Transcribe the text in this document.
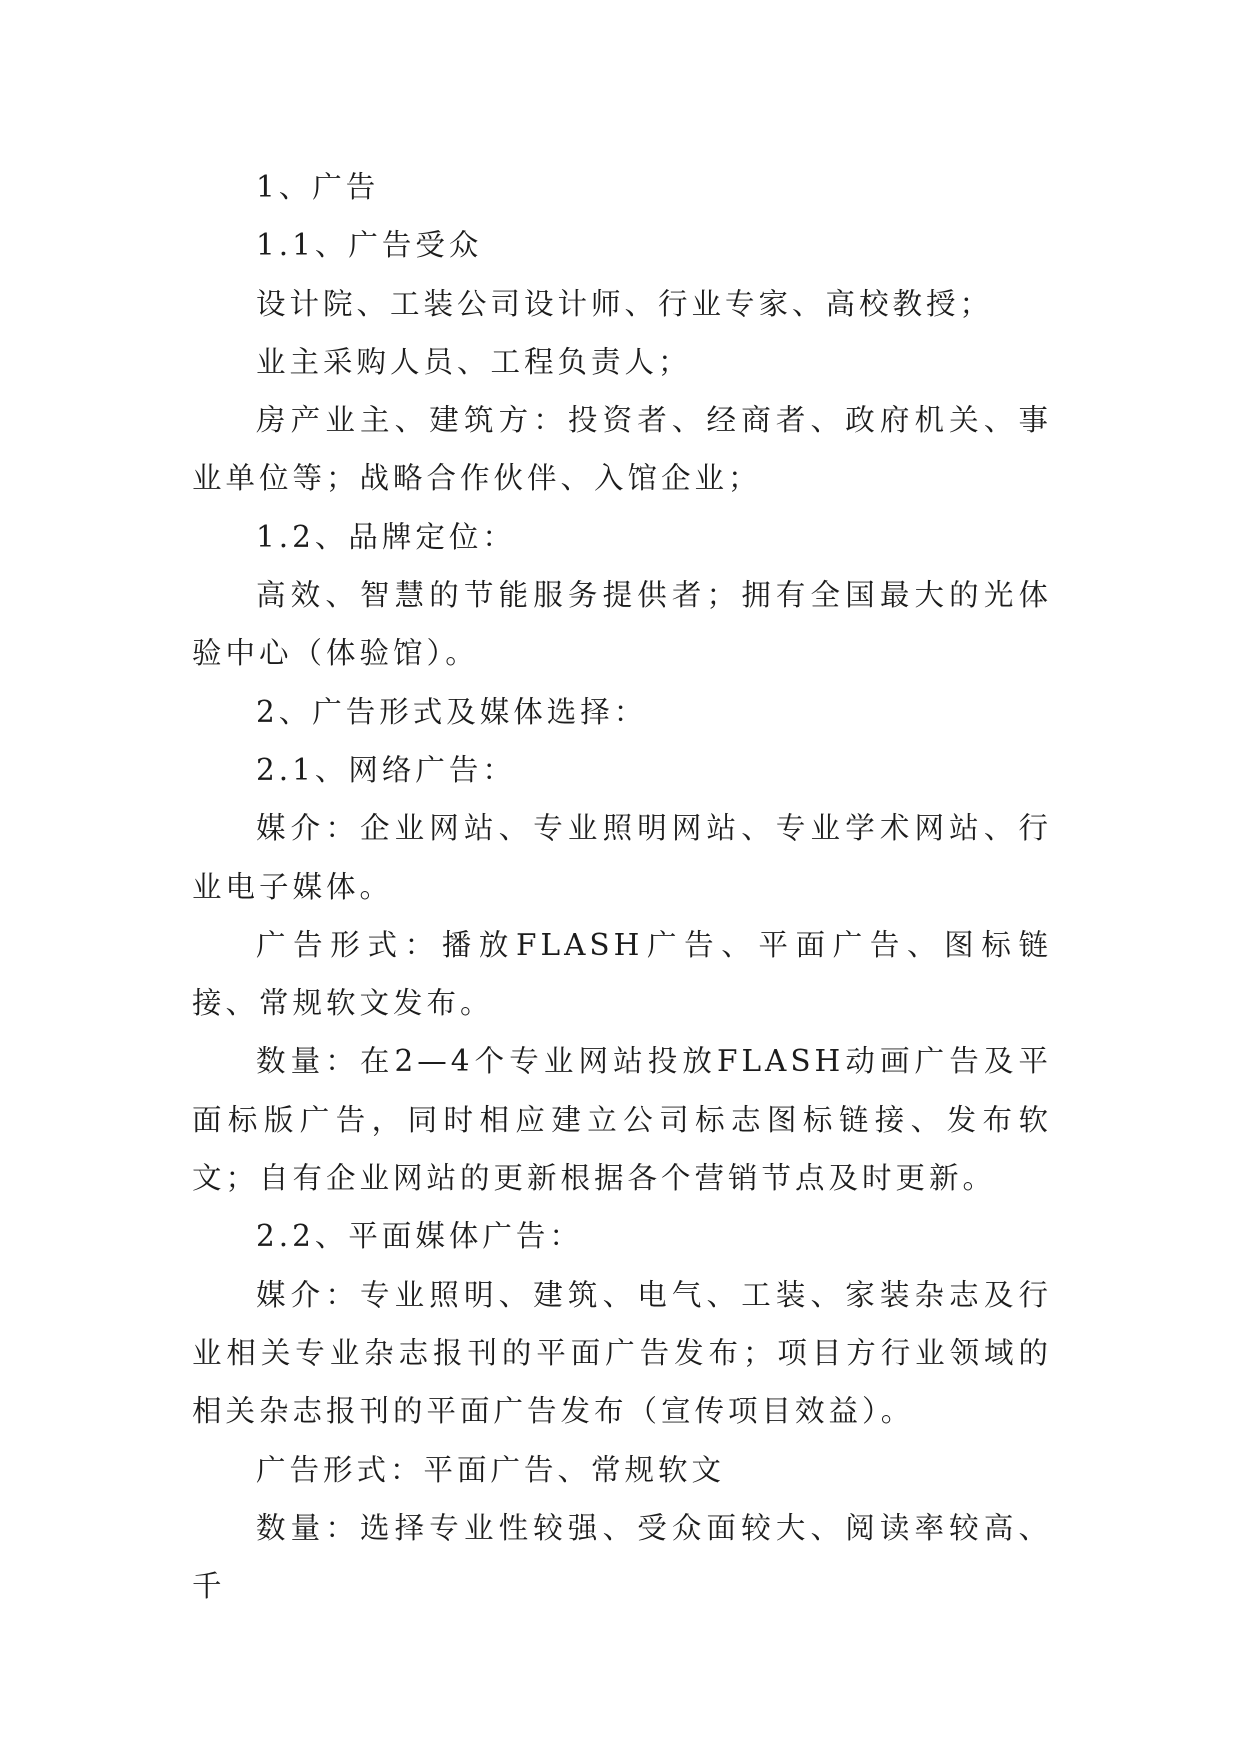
1、广告

1.1、广告受众

设计院、工装公司设计师、行业专家、高校教授；

业主采购人员、工程负责人；

房产业主、建筑方：投资者、经商者、政府机关、事业单位等；战略合作伙伴、入馆企业；

1.2、品牌定位：

高效、智慧的节能服务提供者；拥有全国最大的光体验中心（体验馆）。

2、广告形式及媒体选择：

2.1、网络广告：

媒介：企业网站、专业照明网站、专业学术网站、行业电子媒体。

广告形式：播放FLASH广告、平面广告、图标链接、常规软文发布。

数量：在2—4个专业网站投放FLASH动画广告及平面标版广告，同时相应建立公司标志图标链接、发布软文；自有企业网站的更新根据各个营销节点及时更新。

2.2、平面媒体广告：

媒介：专业照明、建筑、电气、工装、家装杂志及行业相关专业杂志报刊的平面广告发布；项目方行业领域的相关杂志报刊的平面广告发布（宣传项目效益）。

广告形式：平面广告、常规软文

数量：选择专业性较强、受众面较大、阅读率较高、千
